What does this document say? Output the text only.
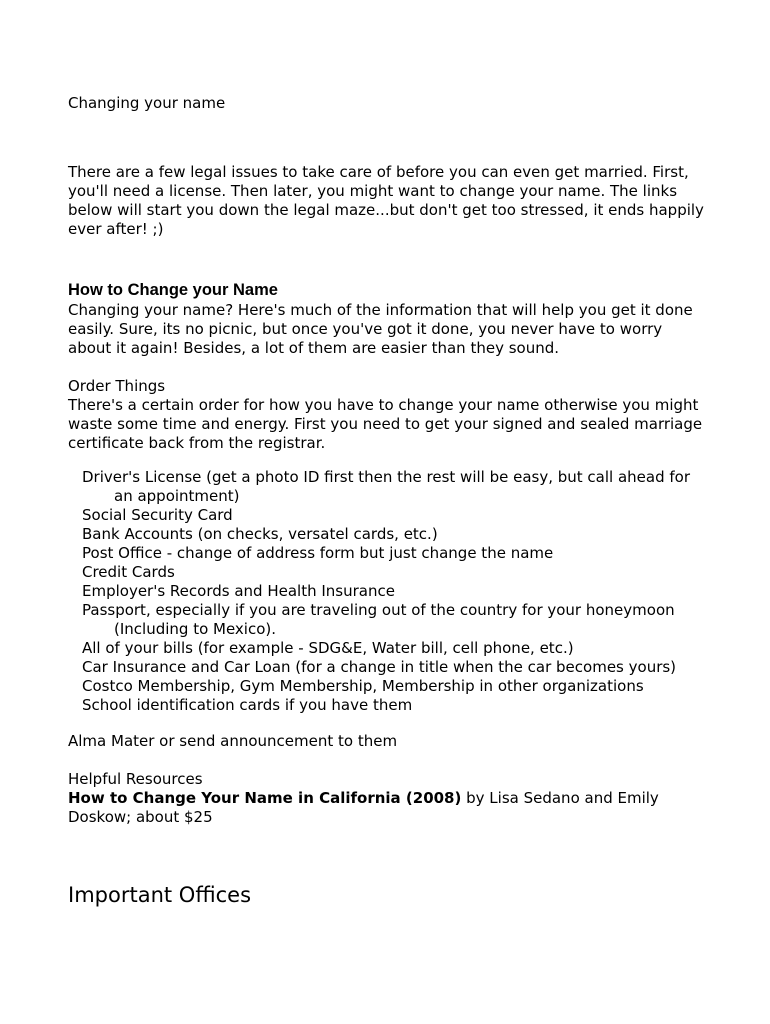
Changing your name

There are a few legal issues to take care of before you can even get married. First, you'll need a license. Then later, you might want to change your name. The links below will start you down the legal maze...but don't get too stressed, it ends happily ever after! ;)

How to Change your Name

Changing your name? Here's much of the information that will help you get it done easily. Sure, its no picnic, but once you've got it done, you never have to worry about it again! Besides, a lot of them are easier than they sound.

Order Things

There's a certain order for how you have to change your name otherwise you might waste some time and energy. First you need to get your signed and sealed marriage certificate back from the registrar.

Driver's License (get a photo ID first then the rest will be easy, but call ahead for an appointment)
Social Security Card
Bank Accounts (on checks, versatel cards, etc.)
Post Office - change of address form but just change the name
Credit Cards
Employer's Records and Health Insurance
Passport, especially if you are traveling out of the country for your honeymoon (Including to Mexico).
All of your bills (for example - SDG&E, Water bill, cell phone, etc.)
Car Insurance and Car Loan (for a change in title when the car becomes yours)
Costco Membership, Gym Membership, Membership in other organizations
School identification cards if you have them

Alma Mater or send announcement to them

Helpful Resources

How to Change Your Name in California (2008) by Lisa Sedano and Emily Doskow; about $25

Important Offices
